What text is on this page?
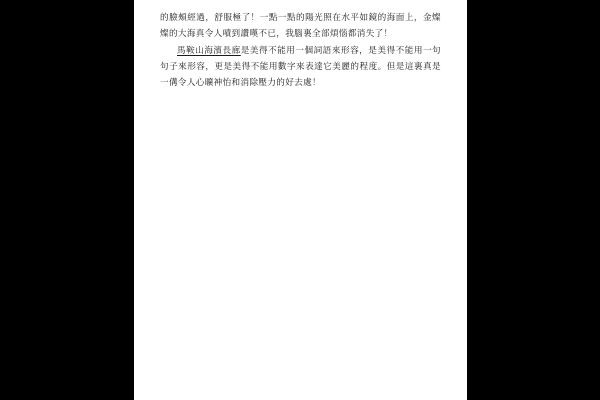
的臉頰經過，舒服極了！一點一點的陽光照在水平如鏡的海面上，金燦燦的大海真令人嘖到讚嘆不已，我腦裏全部煩惱都消失了！

馬鞍山海濱長廊是美得不能用一個詞語來形容，是美得不能用一句句子來形容，更是美得不能用數字來表達它美麗的程度。但是這裏真是一傋令人心曠神怡和消除壓力的好去處！
